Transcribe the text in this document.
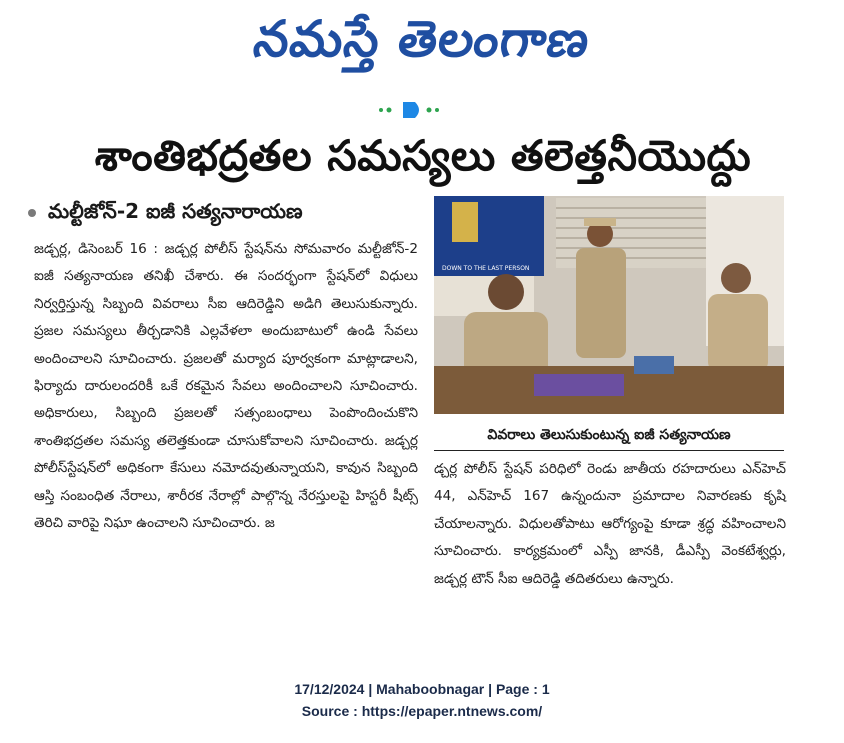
నమస్తే తెలంగాణ
శాంతిభద్రతల సమస్యలు తలెత్తనీయొద్దు
మల్టీజోన్-2 ఐజీ సత్యనారాయణ

జడ్చర్ల, డిసెంబర్ 16 : జడ్చర్ల పోలీస్ స్టేషన్‌ను సోమవారం మల్టీజోన్-2 ఐజీ సత్యనాయణ తనిఖీ చేశారు. ఈ సందర్భంగా స్టేషన్‌లో విధులు నిర్వర్తిస్తున్న సిబ్బంది వివరాలు సీఐ ఆదిరెడ్డిని అడిగి తెలుసుకున్నారు. ప్రజల సమస్యలు తీర్చడానికి ఎల్లవేళలా అందుబాటులో ఉండి సేవలు అందించాలని సూచించారు. ప్రజలతో మర్యాద పూర్వకంగా మాట్లాడాలని, ఫిర్యాదు దారులందరికీ ఒకే రకమైన సేవలు అందించాలని సూచించారు. అధికారులు, సిబ్బంది ప్రజలతో సత్సంబంధాలు పెంపొందించుకొని శాంతిభద్రతల సమస్య తలెత్తకుండా చూసుకోవాలని సూచించారు. జడ్చర్ల పోలీస్‌స్టేషన్‌లో అధికంగా కేసులు నమోదవుతున్నాయని, కావున సిబ్బంది ఆస్తి సంబంధిత నేరాలు, శారీరక నేరాల్లో పాల్గొన్న నేరస్తులపై హిస్టరీ షీట్స్ తెరిచి వారిపై నిఘా ఉంచాలని సూచించారు. జ

DOWN TO THE LAST PERSON
వివరాలు తెలుసుకుంటున్న ఐజీ సత్యనాయణ

డ్చర్ల పోలీస్ స్టేషన్ పరిధిలో రెండు జాతీయ రహదారులు ఎన్‌హెచ్ 44, ఎన్‌హెచ్ 167 ఉన్నందునా ప్రమాదాల నివారణకు కృషి చేయాలన్నారు. విధులతోపాటు ఆరోగ్యంపై కూడా శ్రద్ధ వహించాలని సూచించారు. కార్యక్రమంలో ఎస్పీ జానకి, డీఎస్పీ వెంకటేశ్వర్లు, జడ్చర్ల టౌన్ సీఐ ఆదిరెడ్డి తదితరులు ఉన్నారు.

17/12/2024 | Mahaboobnagar | Page : 1
Source : https://epaper.ntnews.com/
